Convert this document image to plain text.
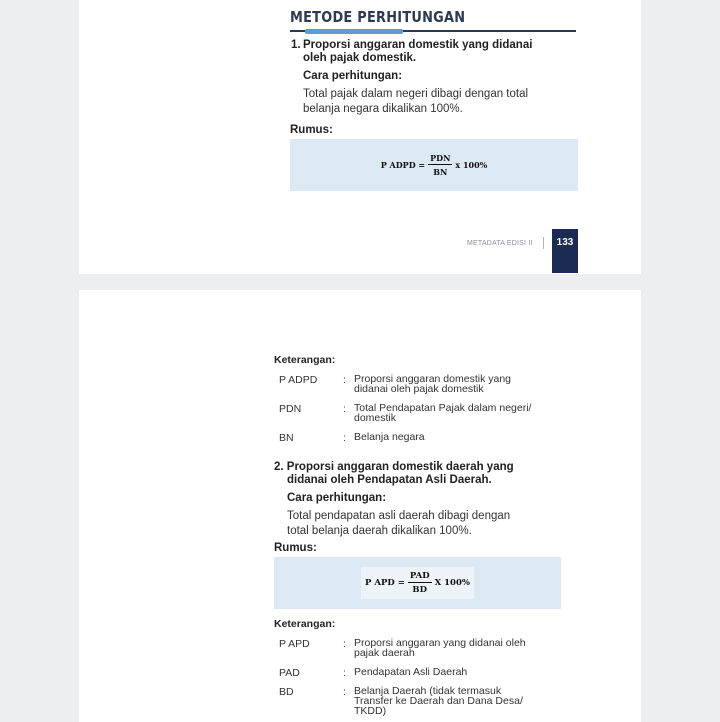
METODE PERHITUNGAN
1. Proporsi anggaran domestik yang didanai
oleh pajak domestik.
Cara perhitungan:
Total pajak dalam negeri dibagi dengan total
belanja negara dikalikan 100%.
Rumus:
P ADPD = $\frac{\text{PDN}}{BN}$ x 100%
METADATA EDISI II	133
Keterangan:
P ADPD : Proporsi anggaran domestik yang
didanai oleh pajak domestik
PDN	: Total Pendapatan Pajak dalam negeri/
domestik
BN	: Belanja negara
2. Proporsi anggaran domestik daerah yang
didanai oleh Pendapatan Asli Daerah.
Cara perhitungan:
Total pendapatan asli daerah dibagi dengan
total belanja daerah dikalikan 100%.
Rumus:
P APD = $\frac{\text{PAD}}{BD}$ X 100%
Keterangan:
P APD	: Proporsi anggaran yang didanai oleh
pajak daerah
PAD	: Pendapatan Asli Daerah
BD	: Belanja Daerah (tidak termasuk
Transfer ke Daerah dan Dana Desa/
TKDD)
